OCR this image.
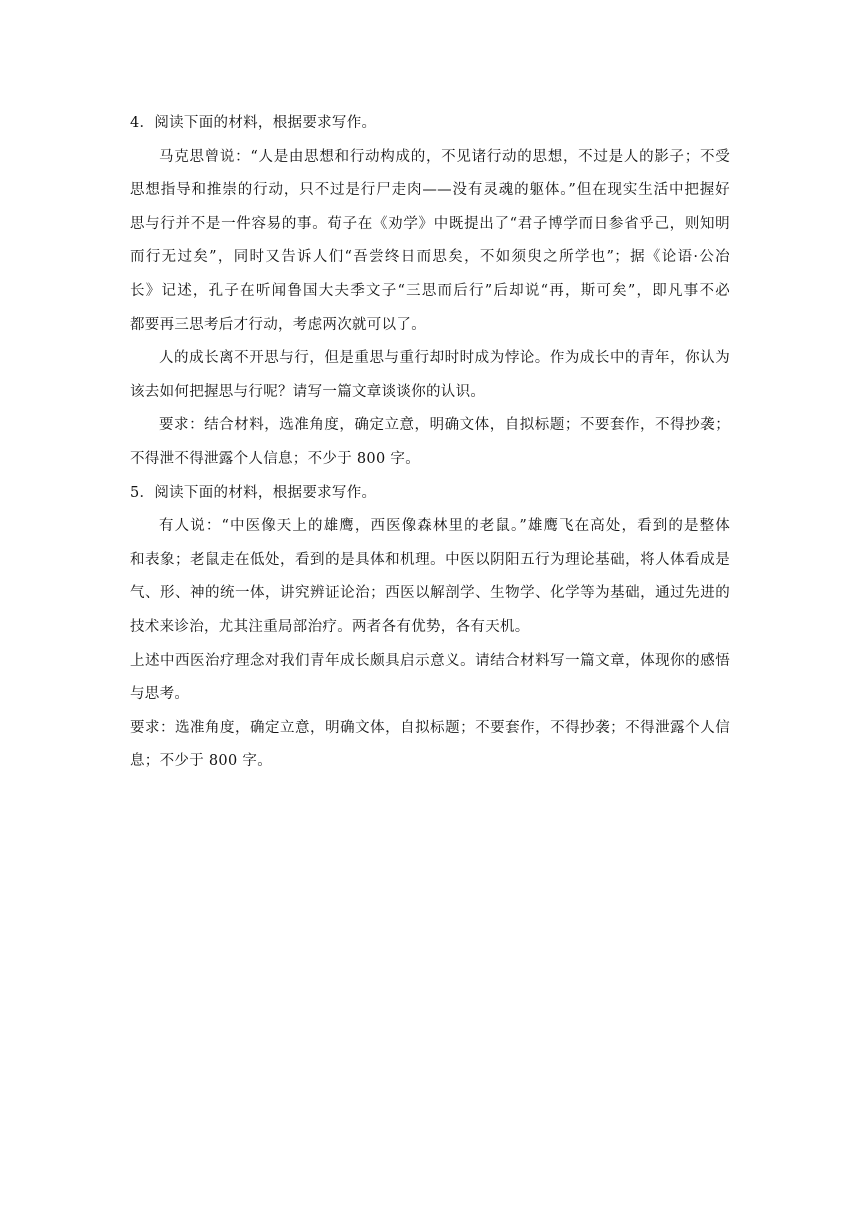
4．阅读下面的材料，根据要求写作。
马克思曾说：“人是由思想和行动构成的，不见诸行动的思想，不过是人的影子；不受
思想指导和推崇的行动，只不过是行尸走肉——没有灵魂的躯体。”但在现实生活中把握好
思与行并不是一件容易的事。荀子在《劝学》中既提出了“君子博学而日参省乎己，则知明
而行无过矣”，同时又告诉人们“吾尝终日而思矣，不如须臾之所学也”；据《论语·公冶
长》记述，孔子在听闻鲁国大夫季文子“三思而后行”后却说“再，斯可矣”，即凡事不必
都要再三思考后才行动，考虑两次就可以了。
人的成长离不开思与行，但是重思与重行却时时成为悖论。作为成长中的青年，你认为
该去如何把握思与行呢？请写一篇文章谈谈你的认识。
要求：结合材料，选准角度，确定立意，明确文体，自拟标题；不要套作，不得抄袭；
不得泄不得泄露个人信息；不少于 800 字。
5．阅读下面的材料，根据要求写作。
有人说：“中医像天上的雄鹰，西医像森林里的老鼠。”雄鹰飞在高处，看到的是整体
和表象；老鼠走在低处，看到的是具体和机理。中医以阴阳五行为理论基础，将人体看成是
气、形、神的统一体，讲究辨证论治；西医以解剖学、生物学、化学等为基础，通过先进的
技术来诊治，尤其注重局部治疗。两者各有优势，各有天机。
上述中西医治疗理念对我们青年成长颇具启示意义。请结合材料写一篇文章，体现你的感悟
与思考。
要求：选准角度，确定立意，明确文体，自拟标题；不要套作，不得抄袭；不得泄露个人信
息；不少于 800 字。
